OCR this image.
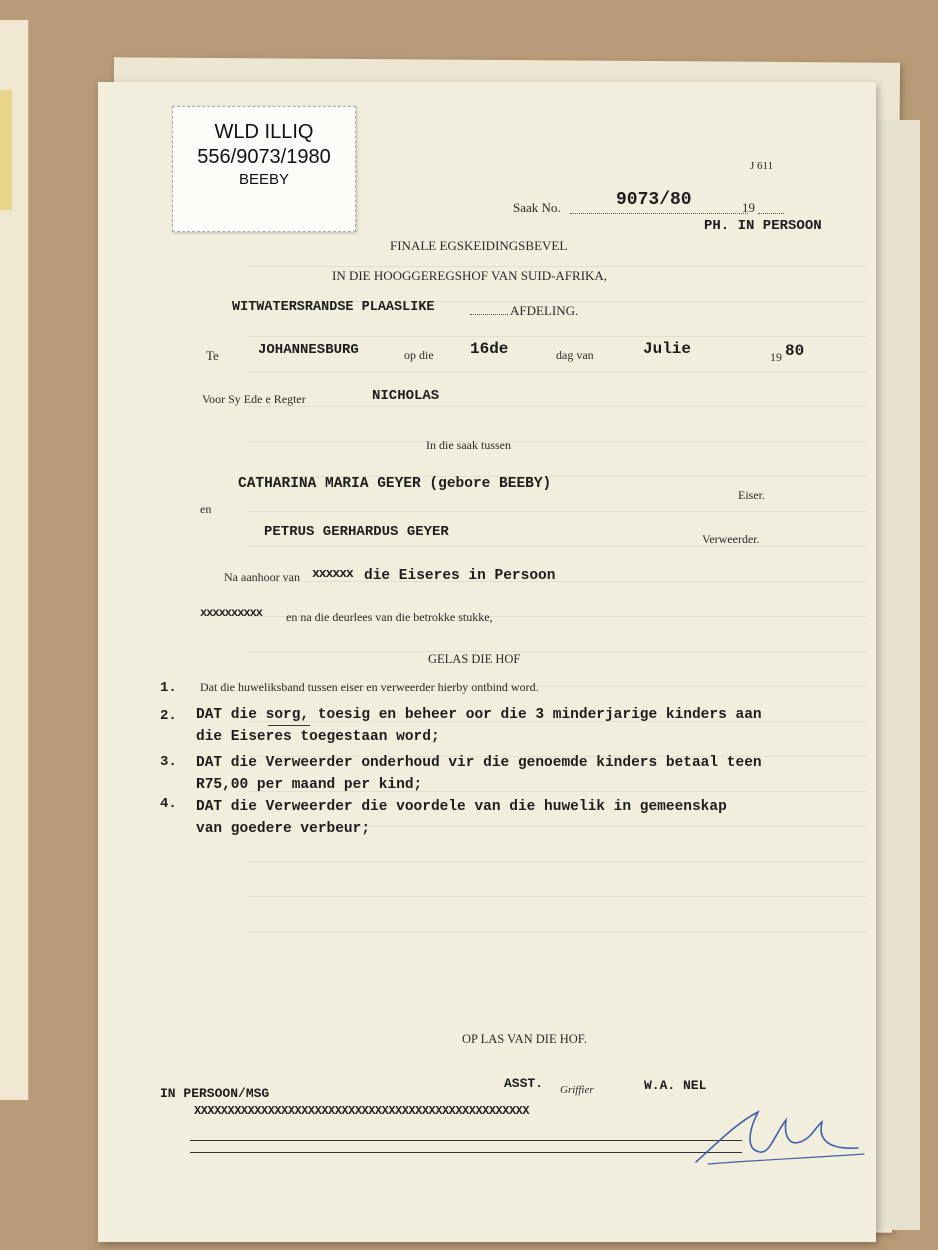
J 611
Saak No.	9073/80	19
PH. IN PERSOON
FINALE EGSKEIDINGSBEVEL
IN DIE HOOGGEREGSHOF VAN SUID-AFRIKA,
WITWATERSRANDSE PLAASLIKE	AFDELING.
Te	JOHANNESBURG	op die 16de	dag van	Julie	19 80
Voor Sy Ede e Regter	NICHOLAS
In die saak tussen
CATHARINA MARIA GEYER (gebore BEEBY)
Eiser.
en
PETRUS GERHARDUS GEYER	Verweerder.
Na aanhoor van xxxxxx die Eiseres in Persoon
xxxxxxxxxx en na die deurlees van die betrokke stukke,
GELAS DIE HOF
1. Dat die huweliksband tussen eiser en verweerder hierby ontbind word.
2. DAT die sorg, toesig en beheer oor die 3 minderjarige kinders aan
die Eiseres toegestaan word;
3. DAT die Verweerder onderhoud vir die genoemde kinders betaal teen
R75,00 per maand per kind;
4. DAT die Verweerder die voordele van die huwelik in gemeenskap
van goedere verbeur;
OP LAS VAN DIE HOF.
ASST. Griffier	W.A. NEL
XXXXXXXXXXXXXXXXXXXXXXXXXXXXXXXXXXXXXXXXXXXXXXXXXX
IN PERSOON/MSG
WLD ILLIQ
556/9073/1980
BEEBY
